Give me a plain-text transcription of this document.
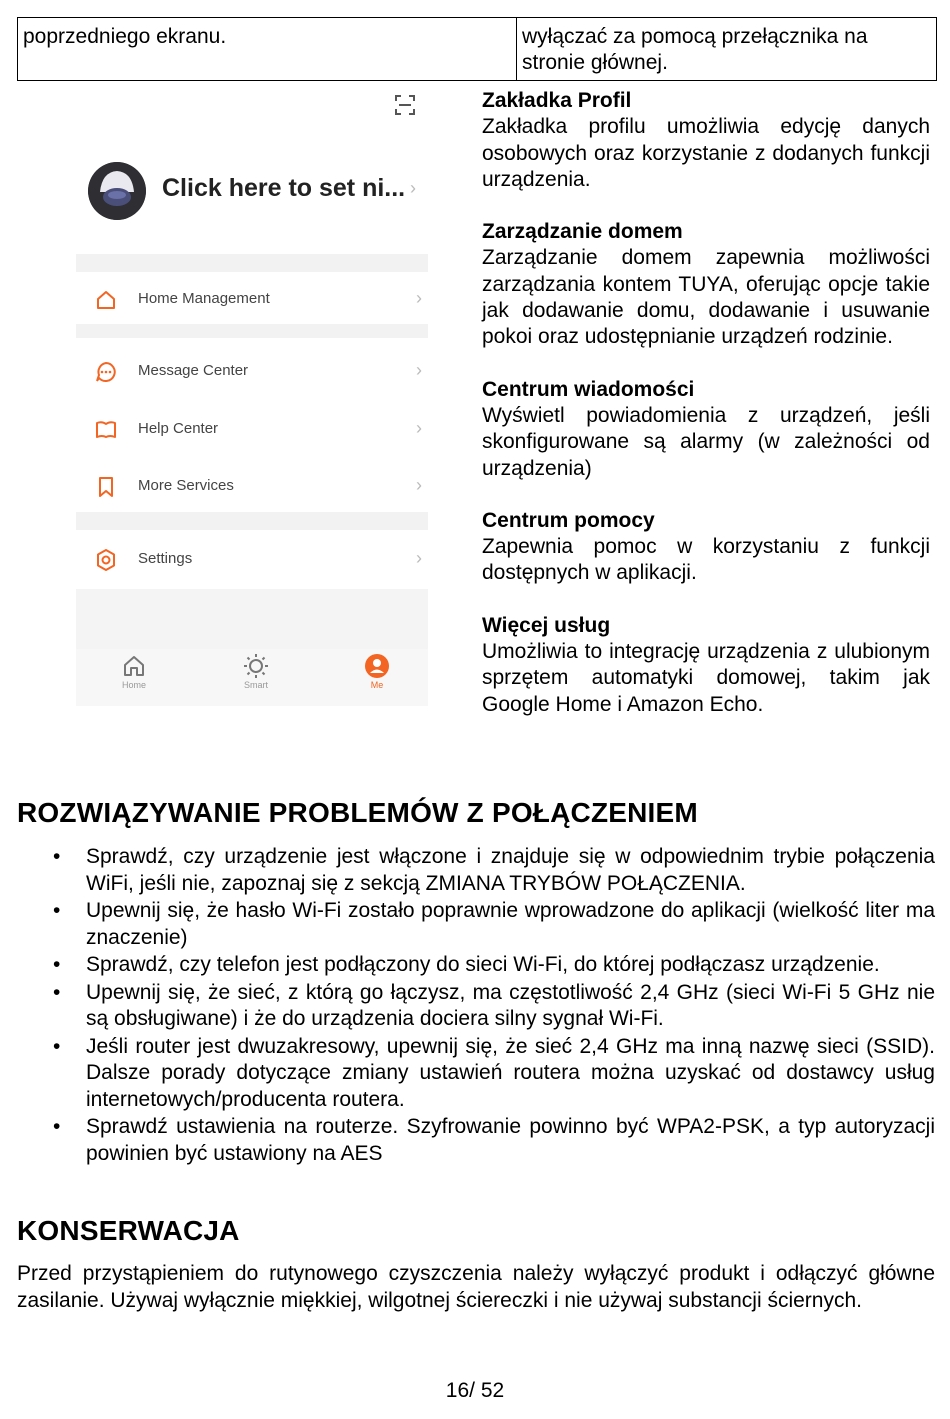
poprzedniego ekranu.	wyłączać za pomocą przełącznika na stronie głównej.
Click here to set ni... ›
Home Management	›
Message Center	›
Help Center	›
More Services	›
Settings	›
Home	Smart	Me
Zakładka Profil

Zakładka profilu umożliwia edycję danych osobowych oraz korzystanie z dodanych funkcji urządzenia.

Zarządzanie domem

Zarządzanie domem zapewnia możliwości zarządzania kontem TUYA, oferując opcje takie jak dodawanie domu, dodawanie i usuwanie pokoi oraz udostępnianie urządzeń rodzinie.

Centrum wiadomości

Wyświetl powiadomienia z urządzeń, jeśli skonfigurowane są alarmy (w zależności od urządzenia)

Centrum pomocy

Zapewnia pomoc w korzystaniu z funkcji dostępnych w aplikacji.

Więcej usług

Umożliwia to integrację urządzenia z ulubionym sprzętem automatyki domowej, takim jak Google Home i Amazon Echo.

ROZWIĄZYWANIE PROBLEMÓW Z POŁĄCZENIEM
• Sprawdź, czy urządzenie jest włączone i znajduje się w odpowiednim trybie połączenia WiFi, jeśli nie, zapoznaj się z sekcją ZMIANA TRYBÓW POŁĄCZENIA.
• Upewnij się, że hasło Wi-Fi zostało poprawnie wprowadzone do aplikacji (wielkość liter ma znaczenie)
• Sprawdź, czy telefon jest podłączony do sieci Wi-Fi, do której podłączasz urządzenie.
• Upewnij się, że sieć, z którą go łączysz, ma częstotliwość 2,4 GHz (sieci Wi-Fi 5 GHz nie są obsługiwane) i że do urządzenia dociera silny sygnał Wi-Fi.
• Jeśli router jest dwuzakresowy, upewnij się, że sieć 2,4 GHz ma inną nazwę sieci (SSID). Dalsze porady dotyczące zmiany ustawień routera można uzyskać od dostawcy usług internetowych/producenta routera.
• Sprawdź ustawienia na routerze. Szyfrowanie powinno być WPA2-PSK, a typ autoryzacji powinien być ustawiony na AES
KONSERWACJA

Przed przystąpieniem do rutynowego czyszczenia należy wyłączyć produkt i odłączyć główne zasilanie. Używaj wyłącznie miękkiej, wilgotnej ściereczki i nie używaj substancji ściernych.

16/ 52
